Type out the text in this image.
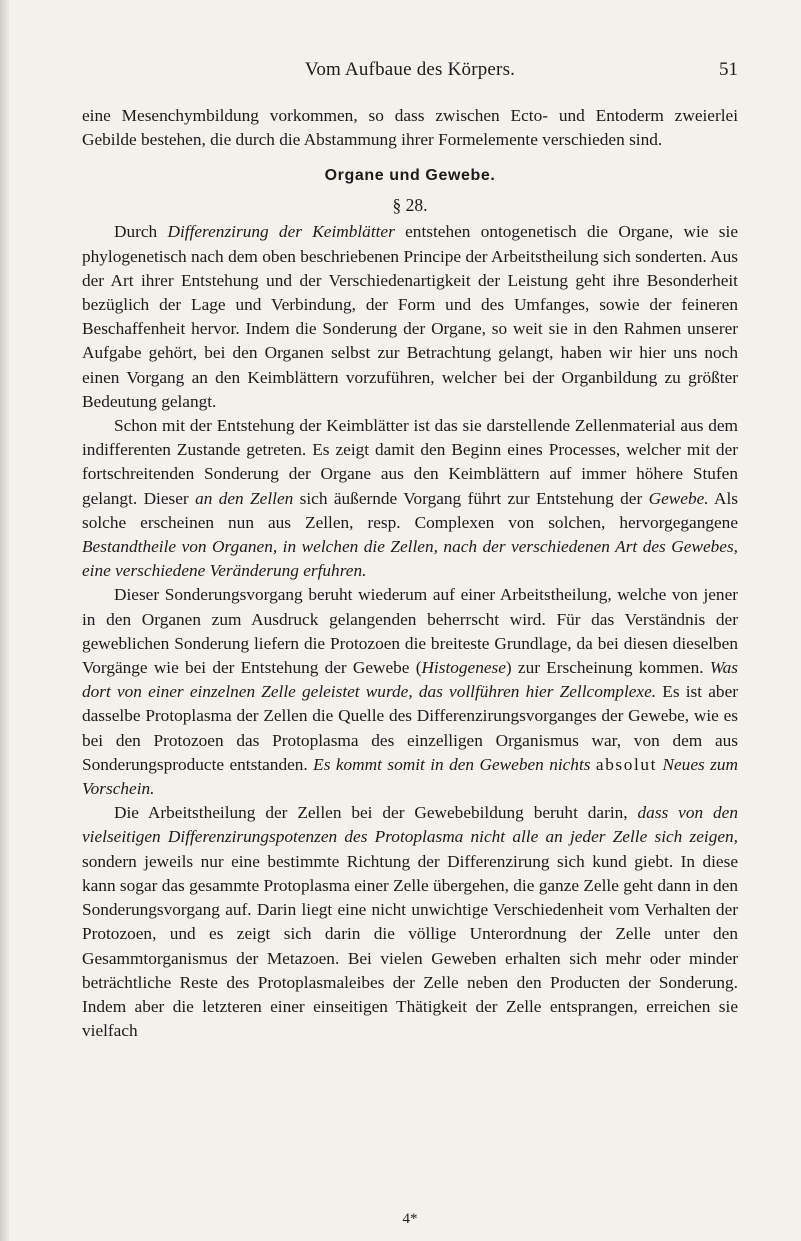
Vom Aufbaue des Körpers.	51

eine Mesenchymbildung vorkommen, so dass zwischen Ecto- und Entoderm zweierlei Gebilde bestehen, die durch die Abstammung ihrer Formelemente verschieden sind.

Organe und Gewebe.
§ 28.

Durch Differenzirung der Keimblätter entstehen ontogenetisch die Organe, wie sie phylogenetisch nach dem oben beschriebenen Principe der Arbeitstheilung sich sonderten. Aus der Art ihrer Entstehung und der Verschiedenartigkeit der Leistung geht ihre Besonderheit bezüglich der Lage und Verbindung, der Form und des Umfanges, sowie der feineren Beschaffenheit hervor. Indem die Sonderung der Organe, so weit sie in den Rahmen unserer Aufgabe gehört, bei den Organen selbst zur Betrachtung gelangt, haben wir hier uns noch einen Vorgang an den Keimblättern vorzuführen, welcher bei der Organbildung zu größter Bedeutung gelangt.

Schon mit der Entstehung der Keimblätter ist das sie darstellende Zellenmaterial aus dem indifferenten Zustande getreten. Es zeigt damit den Beginn eines Processes, welcher mit der fortschreitenden Sonderung der Organe aus den Keimblättern auf immer höhere Stufen gelangt. Dieser an den Zellen sich äußernde Vorgang führt zur Entstehung der Gewebe. Als solche erscheinen nun aus Zellen, resp. Complexen von solchen, hervorgegangene Bestandtheile von Organen, in welchen die Zellen, nach der verschiedenen Art des Gewebes, eine verschiedene Veränderung erfuhren.

Dieser Sonderungsvorgang beruht wiederum auf einer Arbeitstheilung, welche von jener in den Organen zum Ausdruck gelangenden beherrscht wird. Für das Verständnis der geweblichen Sonderung liefern die Protozoen die breiteste Grundlage, da bei diesen dieselben Vorgänge wie bei der Entstehung der Gewebe (Histogenese) zur Erscheinung kommen. Was dort von einer einzelnen Zelle geleistet wurde, das vollführen hier Zellcomplexe. Es ist aber dasselbe Protoplasma der Zellen die Quelle des Differenzirungsvorganges der Gewebe, wie es bei den Protozoen das Protoplasma des einzelligen Organismus war, von dem aus Sonderungsproducte entstanden. Es kommt somit in den Geweben nichts absolut Neues zum Vorschein.

Die Arbeitstheilung der Zellen bei der Gewebebildung beruht darin, dass von den vielseitigen Differenzirungspotenzen des Protoplasma nicht alle an jeder Zelle sich zeigen, sondern jeweils nur eine bestimmte Richtung der Differenzirung sich kund giebt. In diese kann sogar das gesammte Protoplasma einer Zelle übergehen, die ganze Zelle geht dann in den Sonderungsvorgang auf. Darin liegt eine nicht unwichtige Verschiedenheit vom Verhalten der Protozoen, und es zeigt sich darin die völlige Unterordnung der Zelle unter den Gesammtorganismus der Metazoen. Bei vielen Geweben erhalten sich mehr oder minder beträchtliche Reste des Protoplasmaleibes der Zelle neben den Producten der Sonderung. Indem aber die letzteren einer einseitigen Thätigkeit der Zelle entsprangen, erreichen sie vielfach

4*
